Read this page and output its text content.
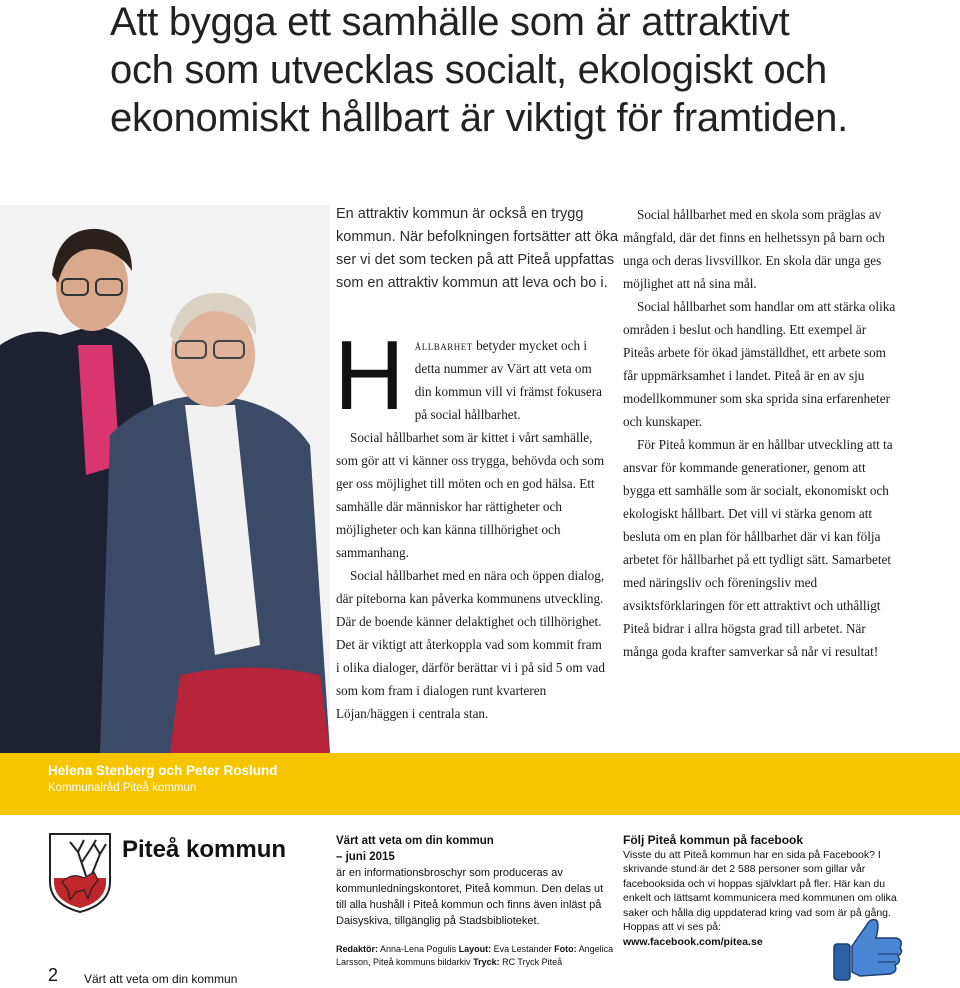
Att bygga ett samhälle som är attraktivt
och som utvecklas socialt, ekologiskt och
ekonomiskt hållbart är viktigt för framtiden.
En attraktiv kommun är också en trygg kommun. När befolkningen fortsätter att öka ser vi det som tecken på att Piteå uppfattas som en attraktiv kommun att leva och bo i.

Hållbarhet betyder mycket och i detta nummer av Värt att veta om din kommun vill vi främst fokusera på social hållbarhet.

Social hållbarhet som är kittet i vårt samhälle, som gör att vi känner oss trygga, behövda och som ger oss möjlighet till möten och en god hälsa. Ett samhälle där människor har rättigheter och möjligheter och kan känna tillhörighet och sammanhang.

Social hållbarhet med en nära och öppen dialog, där piteborna kan påverka kommunens utveckling. Där de boende känner delaktighet och tillhörighet. Det är viktigt att återkoppla vad som kommit fram i olika dialoger, därför berättar vi i på sid 5 om vad som kom fram i dialogen runt kvarteren Löjan/häggen i centrala stan.

Social hållbarhet med en skola som präglas av mångfald, där det finns en helhetssyn på barn och unga och deras livsvillkor. En skola där unga ges möjlighet att nå sina mål.

Social hållbarhet som handlar om att stärka olika områden i beslut och handling. Ett exempel är Piteås arbete för ökad jämställdhet, ett arbete som får uppmärksamhet i landet. Piteå är en av sju modellkommuner som ska sprida sina erfarenheter och kunskaper.

För Piteå kommun är en hållbar utveckling att ta ansvar för kommande generationer, genom att bygga ett samhälle som är socialt, ekonomiskt och ekologiskt hållbart. Det vill vi stärka genom att besluta om en plan för hållbarhet där vi kan följa arbetet för hållbarhet på ett tydligt sätt. Samarbetet med näringsliv och föreningsliv med avsiktsförklaringen för ett attraktivt och uthålligt Piteå bidrar i allra högsta grad till arbetet. När många goda krafter samverkar så når vi resultat!

Helena Stenberg och Peter Roslund
Kommunalråd Piteå kommun
Piteå kommun	Värt att veta om din kommun
– juni 2015
är en informationsbroschyr som produceras av kommunledningskontoret, Piteå kommun. Den delas ut till alla hushåll i Piteå kommun och finns även inläst på Daisyskiva, tillgänglig på Stadsbiblioteket.
Redaktör: Anna-Lena Pogulis Layout: Eva Lestander Foto: Angelica Larsson, Piteå kommuns bildarkiv Tryck: RC Tryck Piteå
Följ Piteå kommun på facebook
Visste du att Piteå kommun har en sida på Facebook? I skrivande stund är det 2 588 personer som gillar vår facebooksida och vi hoppas självklart på fler. Här kan du enkelt och lättsamt kommunicera med kommunen om olika saker och hålla dig uppdaterad kring vad som är på gång. Hoppas att vi ses på:
www.facebook.com/pitea.se
2 Värt att veta om din kommun
